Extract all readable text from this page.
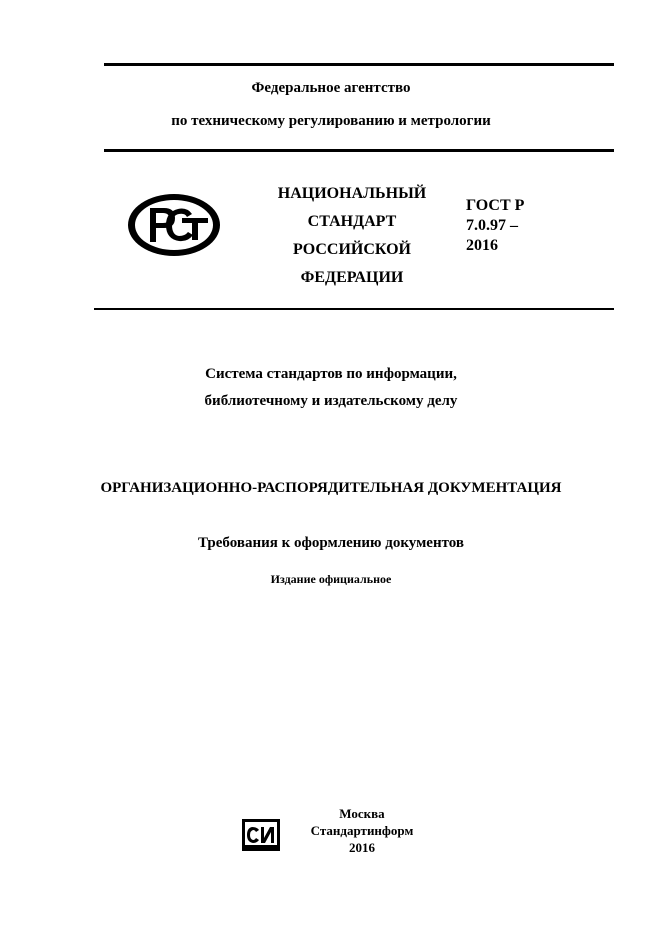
Федеральное агентство
по техническому регулированию и метрологии
НАЦИОНАЛЬНЫЙ
СТАНДАРТ
РОССИЙСКОЙ
ФЕДЕРАЦИИ
ГОСТ Р
7.0.97 –
2016
Система стандартов по информации,
библиотечному и издательскому делу
ОРГАНИЗАЦИОННО-РАСПОРЯДИТЕЛЬНАЯ ДОКУМЕНТАЦИЯ
Требования к оформлению документов
Издание официальное
Москва
Стандартинформ
2016
